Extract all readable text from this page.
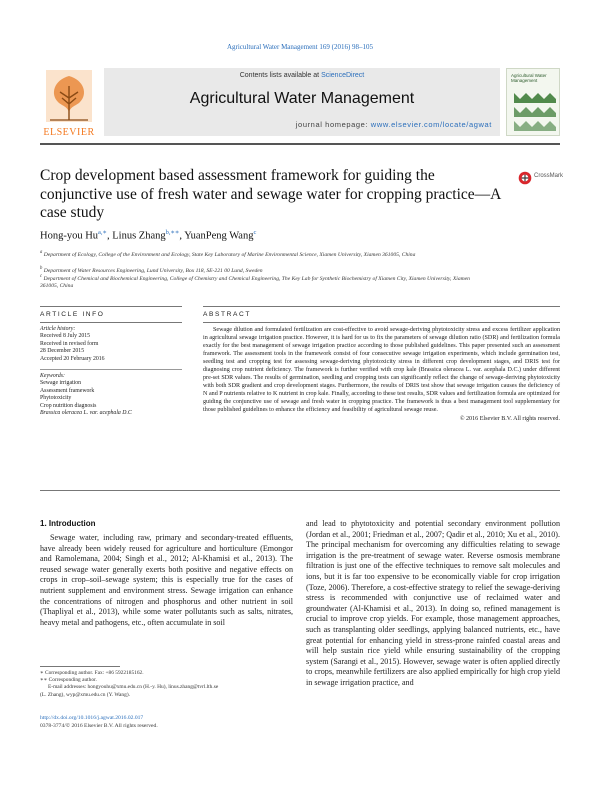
Agricultural Water Management 169 (2016) 98–105
ELSEVIER
Contents lists available at ScienceDirect
Agricultural Water Management
journal homepage: www.elsevier.com/locate/agwat
Agricultural Water Management
Crop development based assessment framework for guiding the conjunctive use of fresh water and sewage water for cropping practice—A case study
CrossMark
Hong-you $Hu^{a,∗}$, Linus Zhang$^{b,∗∗}$, YuanPeng Wang$^c$
$^a$ Department of Ecology, College of the Environment and Ecology, State Key Laboratory of Marine Environmental Science, Xiamen University, Xiamen 361005, China
$^b$ Department of Water Resources Engineering, Lund University, Box 118, SE-221 00 Lund, Sweden
$^c$ Department of Chemical and Biochemical Engineering, College of Chemistry and Chemical Engineering, The Key Lab for Synthetic Biochemistry of Xiamen City, Xiamen University, Xiamen 361005, China
ARTICLE INFO	ABSTRACT
Article history:
Received 8 July 2015
Received in revised form
28 December 2015
Accepted 20 February 2016
Keywords:
Sewage irrigation
Assessment framework
Phytotoxicity
Crop nutrition diagnosis
Brassica oleracea L. var. acephala D.C

Sewage dilution and formulated fertilization are cost-effective to avoid sewage-deriving phytotoxicity stress and excess fertilizer application in agricultural sewage irrigation practice. However, it is hard for us to fix the parameters of sewage dilution ratio (SDR) and fertilization formula exactly for the best management of sewage irrigation practice according to those published guidelines. This paper presented such an assessment framework. The assessment tools in the framework consist of four consecutive sewage irrigation experiments, which include germination test, seedling test and cropping test for assessing sewage-deriving phytotoxicity stress in different crop development stages, and DRIS test for diagnosing crop nutrient deficiency. The framework is further verified with crop kale (Brassica oleracea L. var. acephala D.C.) under different pre-set SDR values. The results of germination, seedling and cropping tests can significantly reflect the change of sewage-deriving phytotoxicity with both SDR gradient and crop development stages. Furthermore, the results of DRIS test show that sewage irrigation causes the deficiency of N and P nutrients relative to K nutrient in crop kale. Finally, according to these test results, SDR values and fertilization formula are optimized for guiding the conjunctive use of sewage and fresh water in cropping practice. The framework is thus a best management tool supplementary for those published guidelines to enhance the efficiency and feasibility of agricultural sewage reuse.

© 2016 Elsevier B.V. All rights reserved.

1. Introduction

Sewage water, including raw, primary and secondary-treated effluents, have already been widely reused for agriculture and horticulture (Emongor and Ramolemana, 2004; Singh et al., 2012; Al-Khamisi et al., 2013). The reused sewage water generally exerts both positive and negative effects on crops in crop–soil–sewage system; this is especially true for the cases of nutrient supplement and environment stress. Sewage irrigation can enhance the concentrations of nitrogen and phosphorus and other nutrient in soil (Thapliyal et al., 2013), while some water pollutants such as salts, nitrates, heavy metal and pathogens, etc., often accumulate in soil

and lead to phytotoxicity and potential secondary environment pollution (Jordan et al., 2001; Friedman et al., 2007; Qadir et al., 2010; Xu et al., 2010). The principal mechanism for overcoming any difficulties relating to sewage irrigation is the pre-treatment of sewage water. Reverse osmosis membrane filtration is just one of the effective techniques to remove salt molecules and ions, but it is far too expensive to be economically viable for crop irrigation (Toze, 2006). Therefore, a cost-effective strategy to relief the sewage-deriving stress is recommended with conjunctive use of reclaimed water and groundwater (Al-Khamisi et al., 2013). In doing so, refined management is crucial to improve crop yields. For example, those management approaches, such as transplanting older seedlings, applying balanced nutrients, etc., have great potential for enhancing yield in stress-prone rainfed coastal areas and will help sustain rice yield while ensuring sustainability of the cropping system (Sarangi et al., 2015). However, sewage water is often applied directly to crops, meanwhile fertilizers are also applied empirically for high crop yield in sewage irrigation practice, and

∗ Corresponding author. Fax: +86 5922185162.
∗∗ Corresponding author.
E-mail addresses: hongyouhu@xmu.edu.cn (H.-y. Hu), linus.zhang@tvrl.lth.se
(L. Zhang), wyp@xmu.edu.cn (Y. Wang).
http://dx.doi.org/10.1016/j.agwat.2016.02.017
0378-3774/© 2016 Elsevier B.V. All rights reserved.
